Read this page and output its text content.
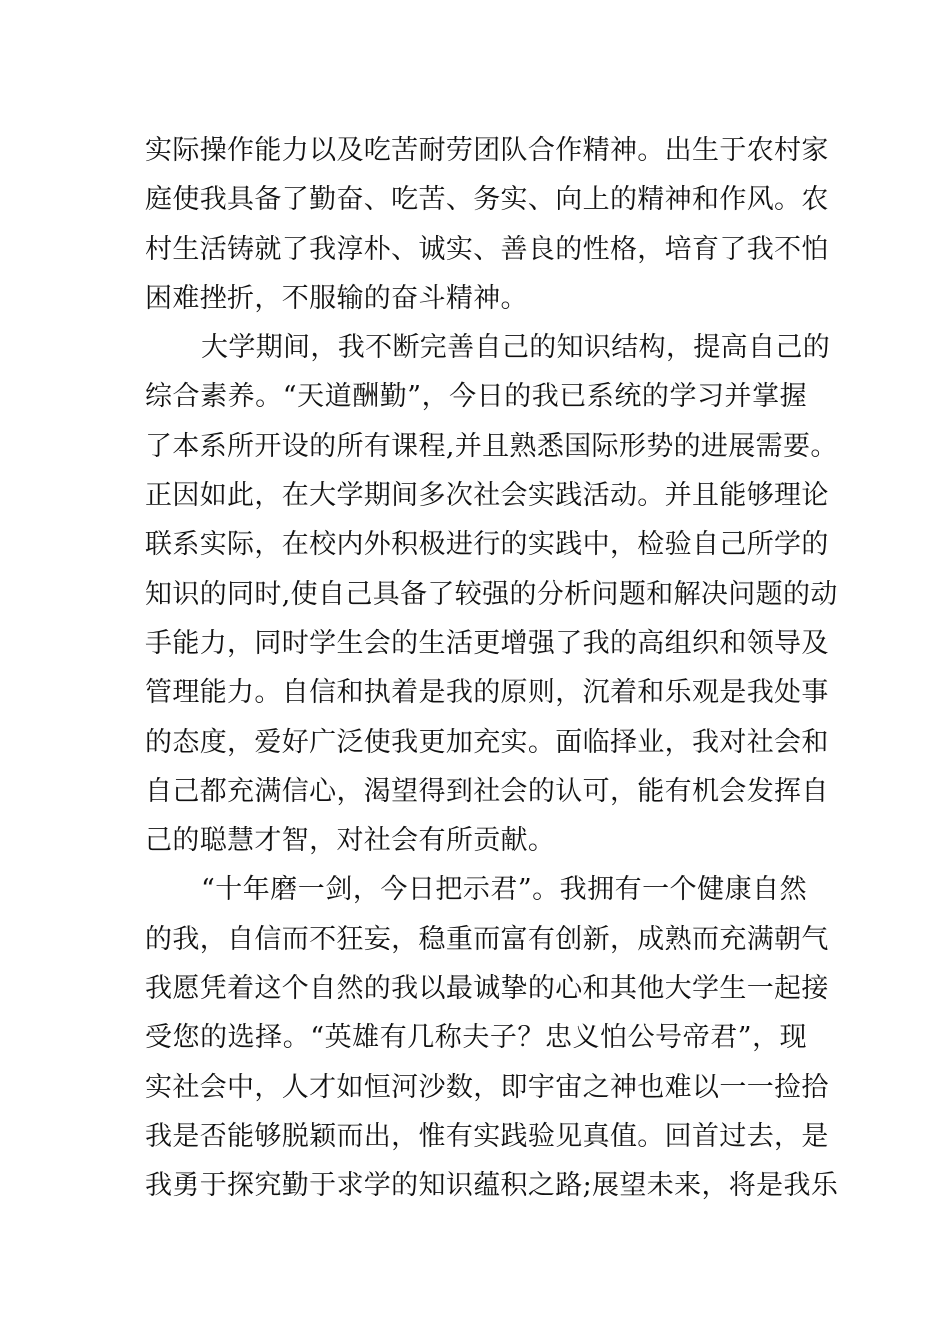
实际操作能力以及吃苦耐劳团队合作精神。出生于农村家
庭使我具备了勤奋、吃苦、务实、向上的精神和作风。农
村生活铸就了我淳朴、诚实、善良的性格，培育了我不怕
困难挫折，不服输的奋斗精神。
大学期间，我不断完善自己的知识结构，提高自己的
综合素养。“天道酬勤”，今日的我已系统的学习并掌握
了本系所开设的所有课程,并且熟悉国际形势的进展需要。
正因如此，在大学期间多次社会实践活动。并且能够理论
联系实际，在校内外积极进行的实践中，检验自己所学的
知识的同时,使自己具备了较强的分析问题和解决问题的动
手能力，同时学生会的生活更增强了我的高组织和领导及
管理能力。自信和执着是我的原则，沉着和乐观是我处事
的态度，爱好广泛使我更加充实。面临择业，我对社会和
自己都充满信心，渴望得到社会的认可，能有机会发挥自
己的聪慧才智，对社会有所贡献。
“十年磨一剑，今日把示君”。我拥有一个健康自然
的我，自信而不狂妄，稳重而富有创新，成熟而充满朝气
我愿凭着这个自然的我以最诚挚的心和其他大学生一起接
受您的选择。“英雄有几称夫子？忠义怕公号帝君”，现
实社会中，人才如恒河沙数，即宇宙之神也难以一一捡拾
我是否能够脱颖而出，惟有实践验见真值。回首过去，是
我勇于探究勤于求学的知识蕴积之路;展望未来，将是我乐
